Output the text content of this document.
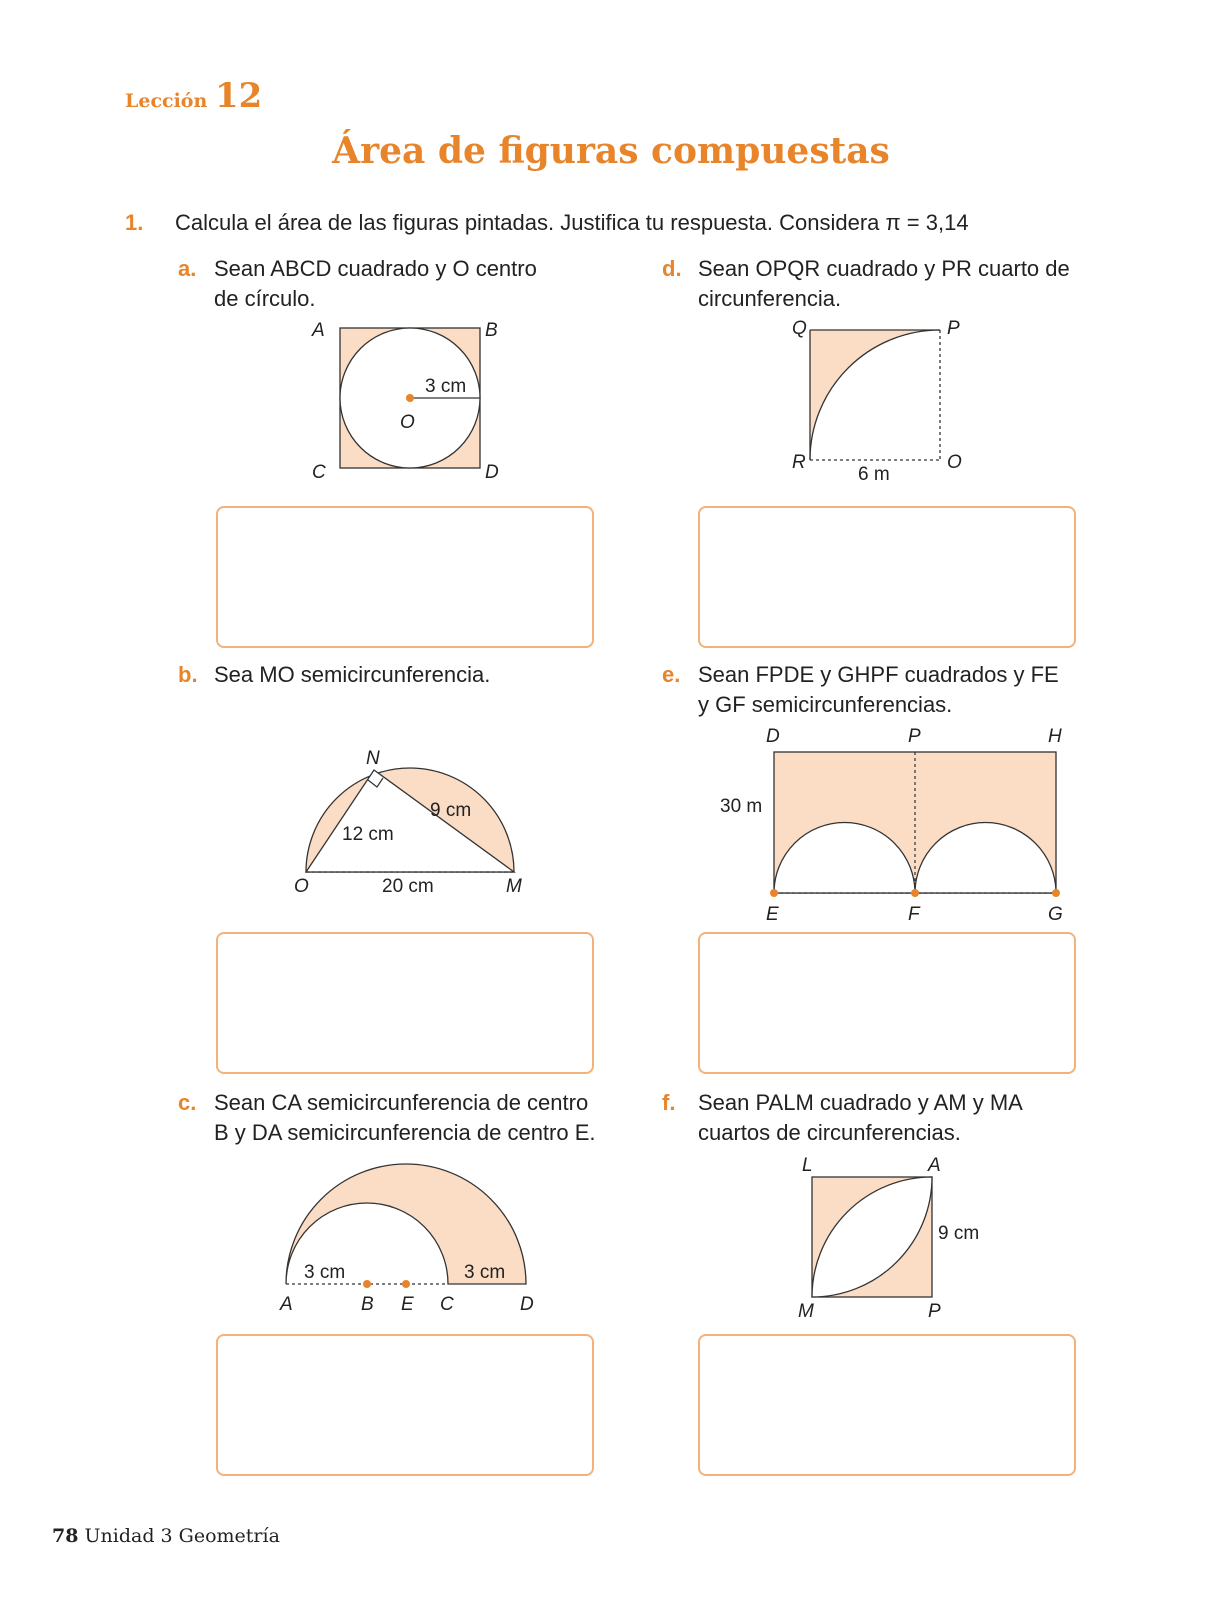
Lección 12
Área de figuras compuestas
1. Calcula el área de las figuras pintadas. Justifica tu respuesta. Considera π = 3,14
a. Sean ABCD cuadrado y O centro
de círculo.
A	B
C	D
O
3 cm
d. Sean OPQR cuadrado y PR cuarto de
circunferencia.
Q	P
R	O
6 m
b. Sea MO semicircunferencia.
N
O	M
12 cm
9 cm
20 cm
e. Sean FPDE y GHPF cuadrados y FE
y GF semicircunferencias.
D	P	H
E	F	G
30 m
c. Sean CA semicircunferencia de centro
B y DA semicircunferencia de centro E.
A	B E C	D
3 cm	3 cm
f. Sean PALM cuadrado y AM y MA
cuartos de circunferencias.
L	A
M	P
9 cm
78 Unidad 3 Geometría
